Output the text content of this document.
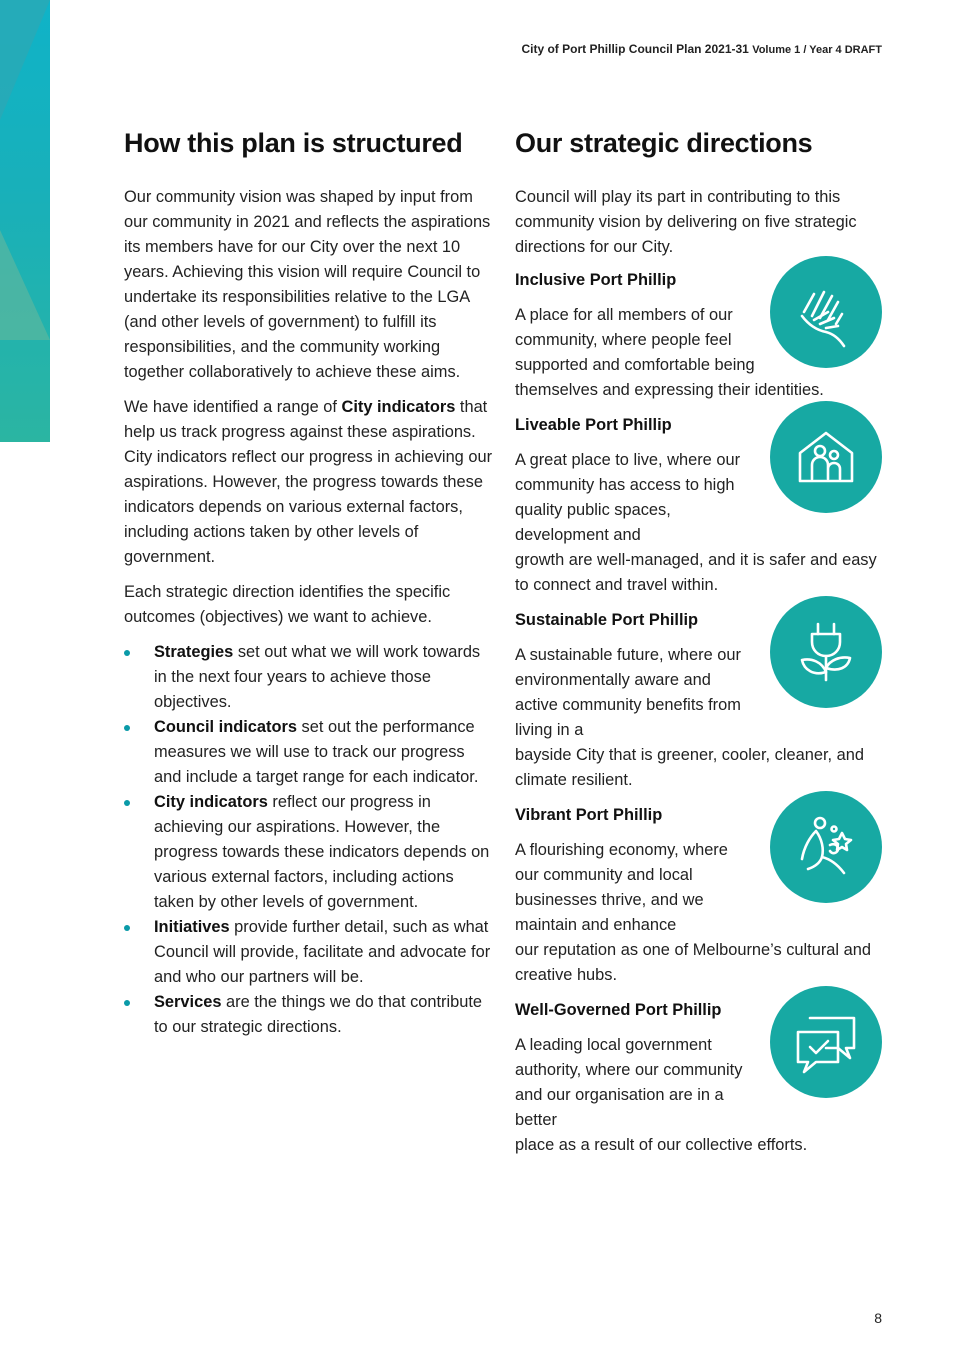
City of Port Phillip Council Plan 2021-31 Volume 1 / Year 4 DRAFT
How this plan is structured

Our community vision was shaped by input from our community in 2021 and reflects the aspirations its members have for our City over the next 10 years. Achieving this vision will require Council to undertake its responsibilities relative to the LGA (and other levels of government) to fulfill its responsibilities, and the community working together collaboratively to achieve these aims.

We have identified a range of City indicators that help us track progress against these aspirations. City indicators reflect our progress in achieving our aspirations. However, the progress towards these indicators depends on various external factors, including actions taken by other levels of government.

Each strategic direction identifies the specific outcomes (objectives) we want to achieve.

Strategies set out what we will work towards in the next four years to achieve those objectives.
Council indicators set out the performance measures we will use to track our progress and include a target range for each indicator.
City indicators reflect our progress in achieving our aspirations. However, the progress towards these indicators depends on various external factors, including actions taken by other levels of government.
Initiatives provide further detail, such as what Council will provide, facilitate and advocate for and who our partners will be.
Services are the things we do that contribute to our strategic directions.
Our strategic directions

Council will play its part in contributing to this community vision by delivering on five strategic directions for our City.

Inclusive Port Phillip

A place for all members of our community, where people feel supported and comfortable being
themselves and expressing their identities.

Liveable Port Phillip

A great place to live, where our community has access to high quality public spaces, development and
growth are well-managed, and it is safer and easy to connect and travel within.

Sustainable Port Phillip

A sustainable future, where our environmentally aware and active community benefits from living in a
bayside City that is greener, cooler, cleaner, and climate resilient.

Vibrant Port Phillip

A flourishing economy, where our community and local businesses thrive, and we maintain and enhance
our reputation as one of Melbourne’s cultural and creative hubs.

Well-Governed Port Phillip

A leading local government authority, where our community and our organisation are in a better
place as a result of our collective efforts.

8
